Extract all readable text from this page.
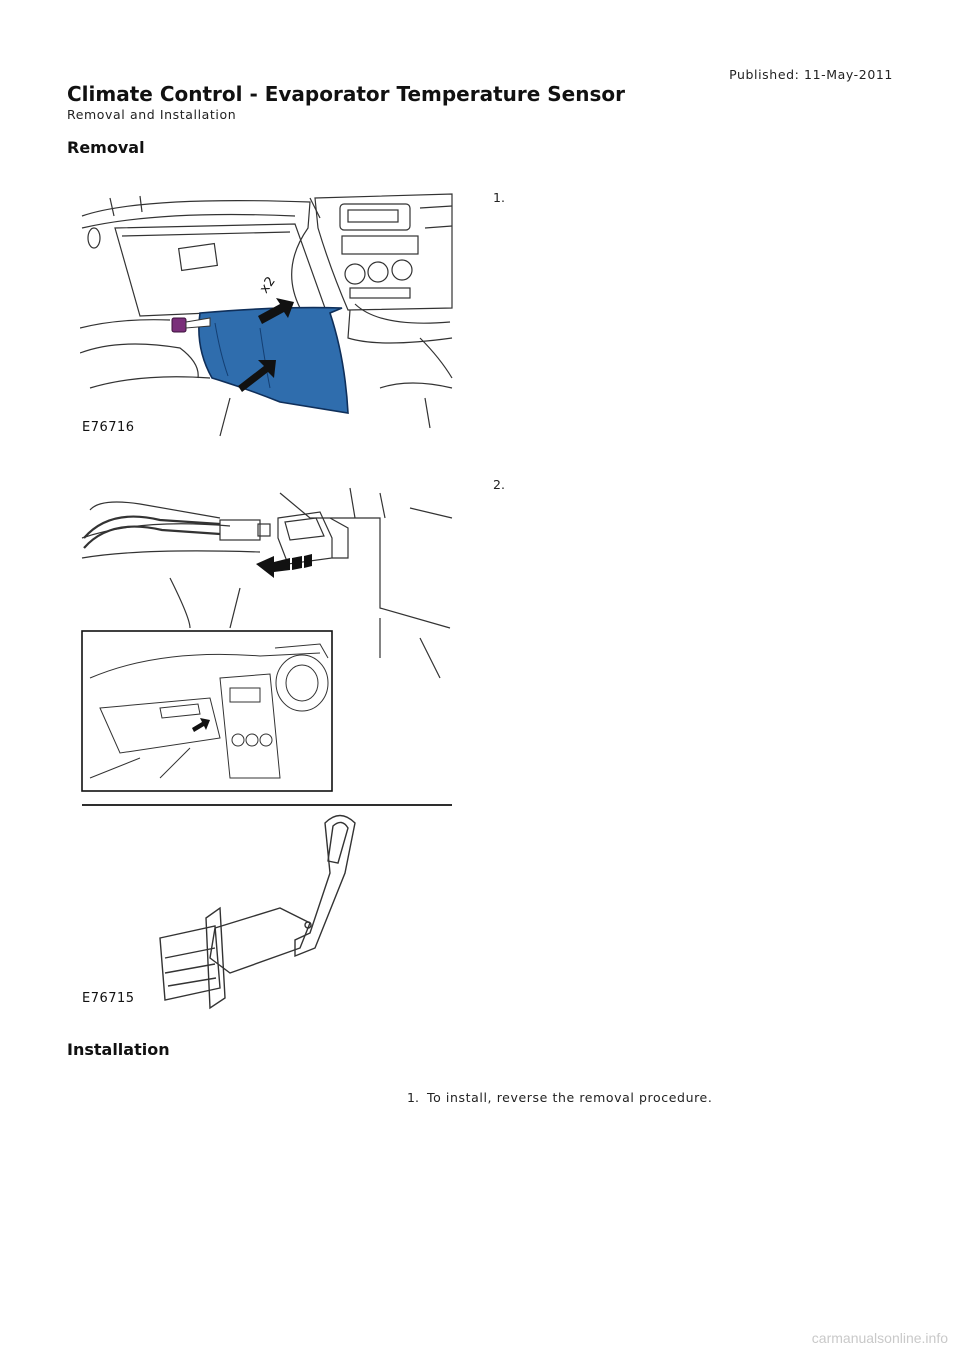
Published: 11-May-2011
Climate Control - Evaporator Temperature Sensor
Removal and Installation
Removal
x2
E76716
1.
E76715
2.
Installation
1. To install, reverse the removal procedure.
carmanualsonline.info
